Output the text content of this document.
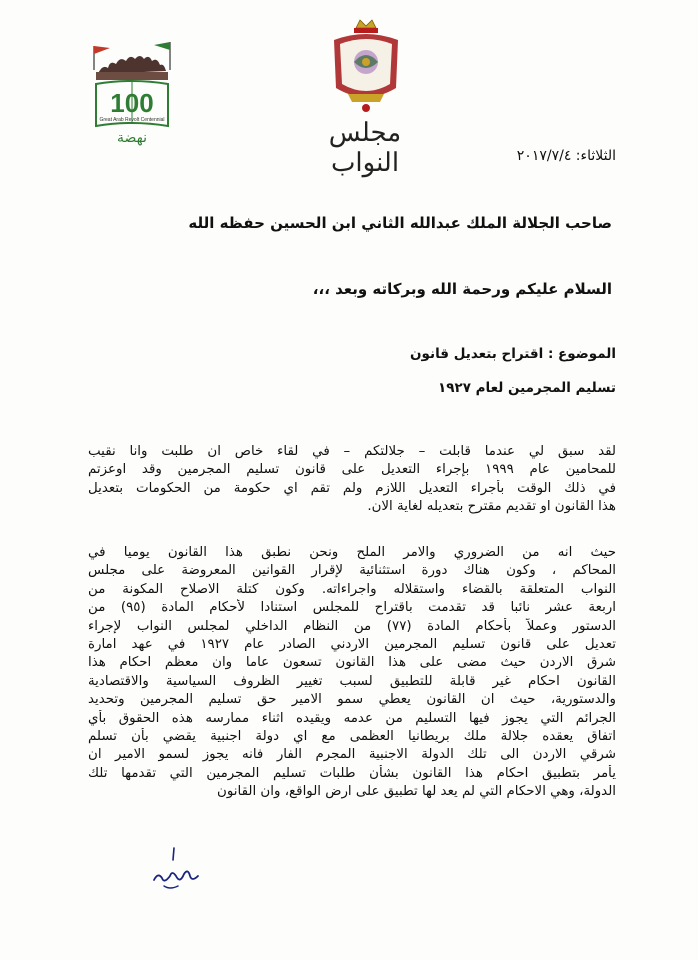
100
Great Arab Revolt Centennial
نهضة	مجلس النواب	الثلاثاء: ٢٠١٧/٧/٤
صاحب الجلالة الملك عبدالله الثاني ابن الحسين حفظه الله
السلام عليكم ورحمة الله وبركاته وبعد ،،،
الموضوع : اقتراح بتعديل قانون
تسليم المجرمين لعام ١٩٢٧
لقد سبق لي عندما قابلت – جلالتكم – في لقاء خاص ان طلبت وانا نقيب
للمحامين عام ١٩٩٩ بإجراء التعديل على قانون تسليم المجرمين وقد اوعزتم
في ذلك الوقت بأجراء التعديل اللازم ولم تقم اي حكومة من الحكومات بتعديل
هذا القانون او تقديم مقترح بتعديله لغاية الان.
حيث انه من الضروري والامر الملح ونحن نطبق هذا القانون يوميا في
المحاكم ، وكون هناك دورة استثنائية لإقرار القوانين المعروضة على مجلس
النواب المتعلقة بالقضاء واستقلاله واجراءاته. وكون كتلة الاصلاح المكونة من
اربعة عشر نائبا قد تقدمت باقتراح للمجلس استنادا لأحكام المادة (٩٥) من
الدستور وعملاً بأحكام المادة (٧٧) من النظام الداخلي لمجلس النواب لإجراء
تعديل على قانون تسليم المجرمين الاردني الصادر عام ١٩٢٧ في عهد امارة
شرق الاردن حيث مضى على هذا القانون تسعون عاما وان معظم احكام هذا
القانون احكام غير قابلة للتطبيق لسبب تغيير الظروف السياسية والاقتصادية
والدستورية، حيث ان القانون يعطي سمو الامير حق تسليم المجرمين وتحديد
الجرائم التي يجوز فيها التسليم من عدمه ويقيده اثناء ممارسه هذه الحقوق بأي
اتفاق يعقده جلالة ملك بريطانيا العظمى مع اي دولة اجنبية يقضي بأن تسلم
شرقي الاردن الى تلك الدولة الاجنبية المجرم الفار فانه يجوز لسمو الامير ان
يأمر بتطبيق احكام هذا القانون بشأن طلبات تسليم المجرمين التي تقدمها تلك
الدولة، وهي الاحكام التي لم يعد لها تطبيق على ارض الواقع، وان القانون
